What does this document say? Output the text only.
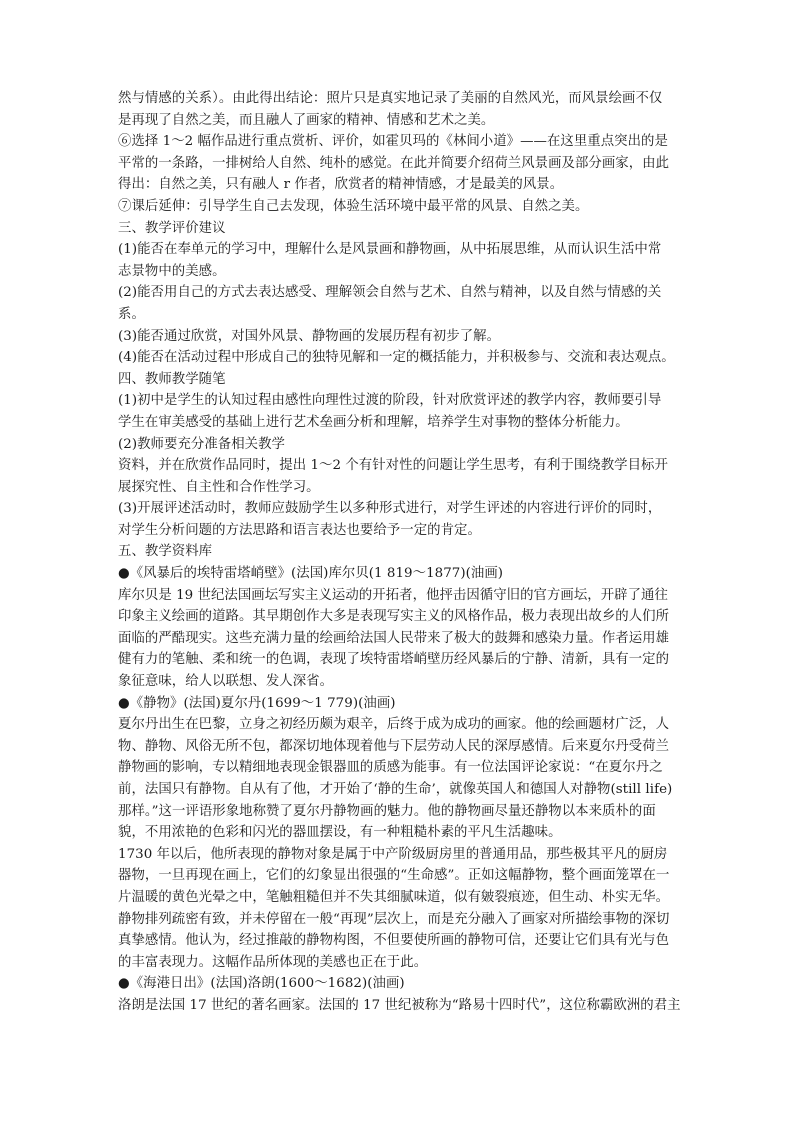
然与情感的关系）。由此得出结论：照片只是真实地记录了美丽的自然风光，而风景绘画不仅
是再现了自然之美，而且融人了画家的精神、情感和艺术之美。
⑥选择 1～2 幅作品进行重点赏析、评价，如霍贝玛的《林间小道》——在这里重点突出的是
平常的一条路，一排树给人自然、纯朴的感觉。在此并简要介绍荷兰风景画及部分画家，由此
得出：自然之美，只有融人 r 作者，欣赏者的精神情感，才是最美的风景。
⑦课后延伸：引导学生自己去发现，体验生活环境中最平常的风景、自然之美。
三、教学评价建议
(1)能否在奉单元的学习中，理解什么是风景画和静物画，从中拓展思维，从而认识生活中常
志景物中的美感。
(2)能否用自己的方式去表达感受、理解领会自然与艺术、自然与精神，以及自然与情感的关
系。
(3)能否通过欣赏，对国外风景、静物画的发展历程有初步了解。
(4)能否在活动过程中形成自己的独特见解和一定的概括能力，并积极参与、交流和表达观点。
四、教师教学随笔
(1)初中是学生的认知过程由感性向理性过渡的阶段，针对欣赏评述的教学内容，教师要引导
学生在审美感受的基础上进行艺术垒画分析和理解，培养学生对事物的整体分析能力。
(2)教师要充分准备相关教学
资料，并在欣赏作品同时，提出 1～2 个有针对性的问题让学生思考，有利于围绕教学目标开
展探究性、自主性和合作性学习。
(3)开展评述活动时，教师应鼓励学生以多种形式进行，对学生评述的内容进行评价的同时，
对学生分析问题的方法思路和语言表达也要给予一定的肯定。
五、教学资料库
●《风暴后的埃特雷塔峭壁》(法国)库尔贝(1 819～1877)(油画)
库尔贝是 19 世纪法国画坛写实主义运动的开拓者，他抨击因循守旧的官方画坛，开辟了通往
印象主义绘画的道路。其早期创作大多是表现写实主义的风格作品，极力表现出故乡的人们所
面临的严酷现实。这些充满力量的绘画给法国人民带来了极大的鼓舞和感染力量。作者运用雄
健有力的笔触、柔和统一的色调，表现了埃特雷塔峭壁历经风暴后的宁静、清新，具有一定的
象征意味，给人以联想、发人深省。
●《静物》(法国)夏尔丹(1699～1 779)(油画)
夏尔丹出生在巴黎，立身之初经历颇为艰辛，后终于成为成功的画家。他的绘画题材广泛，人
物、静物、风俗无所不包，都深切地体现着他与下层劳动人民的深厚感情。后来夏尔丹受荷兰
静物画的影响，专以精细地表现金银器皿的质感为能事。有一位法国评论家说：“在夏尔丹之
前，法国只有静物。自从有了他，才开始了‘静的生命’，就像英国人和德国人对静物(still life)
那样。”这一评语形象地称赞了夏尔丹静物画的魅力。他的静物画尽量还静物以本来质朴的面
貌，不用浓艳的色彩和闪光的器皿摆设，有一种粗糙朴素的平凡生活趣味。
1730 年以后，他所表现的静物对象是属于中产阶级厨房里的普通用品，那些极其平凡的厨房
器物，一旦再现在画上，它们的幻象显出很强的“生命感”。正如这幅静物，整个画面笼罩在一
片温暖的黄色光晕之中，笔触粗糙但并不失其细腻味道，似有皴裂痕迹，但生动、朴实无华。
静物排列疏密有致，并未停留在一般“再现”层次上，而是充分融入了画家对所描绘事物的深切
真挚感情。他认为，经过推敲的静物构图，不但要使所画的静物可信，还要让它们具有光与色
的丰富表现力。这幅作品所体现的美感也正在于此。
●《海港日出》(法国)洛朗(1600～1682)(油画)
洛朗是法国 17 世纪的著名画家。法国的 17 世纪被称为“路易十四时代”，这位称霸欧洲的君主
